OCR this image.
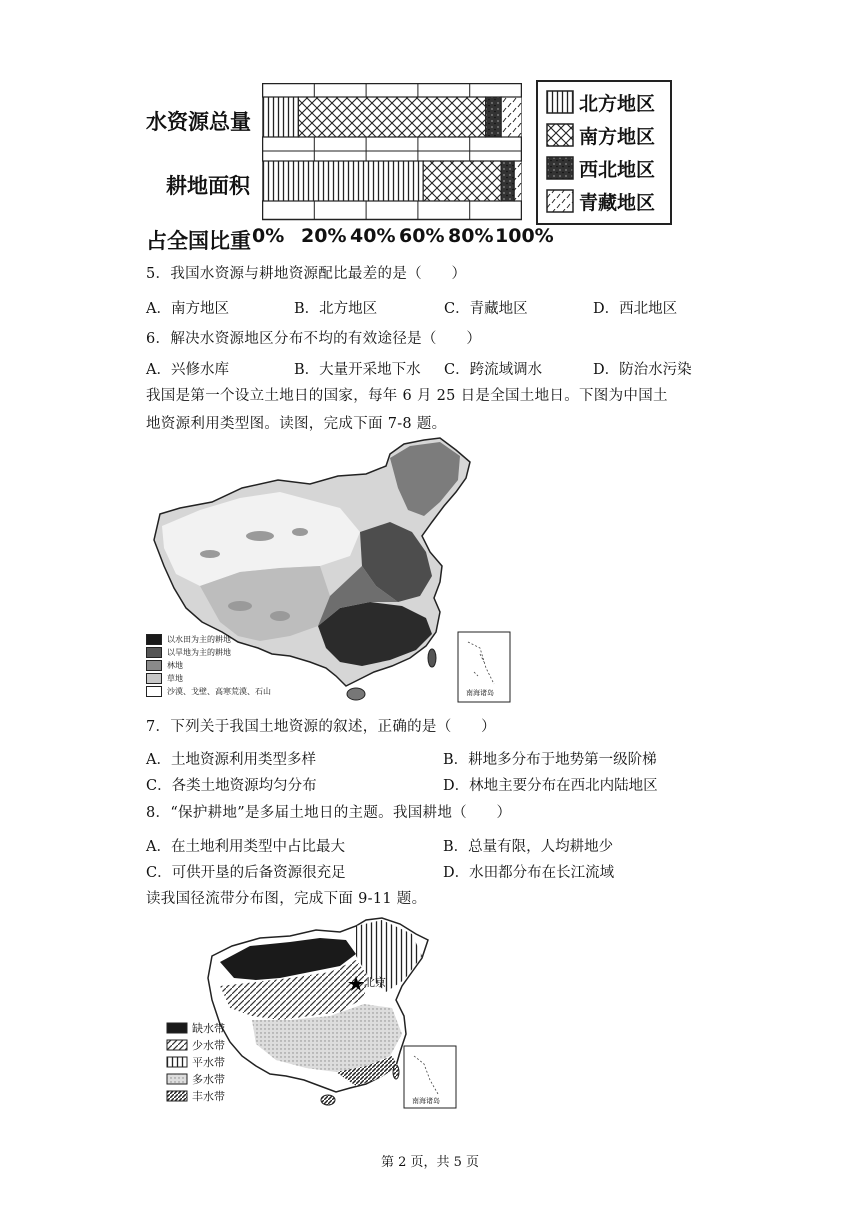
水资源总量
耕地面积
占全国比重 0% 20% 40% 60% 80% 100%
北方地区
南方地区
西北地区
青藏地区
5．我国水资源与耕地资源配比最差的是（　　）
A．南方地区	B．北方地区	C．青藏地区	D．西北地区
6．解决水资源地区分布不均的有效途径是（　　）
A．兴修水库	B．大量开采地下水 C．跨流域调水	D．防治水污染
我国是第一个设立土地日的国家，每年 6 月 25 日是全国土地日。下图为中国土
地资源利用类型图。读图，完成下面 7-8 题。
南海诸岛
以水田为主的耕地
以旱地为主的耕地
林地
草地
沙漠、戈壁、高寒荒漠、石山
7．下列关于我国土地资源的叙述，正确的是（　　）
A．土地资源利用类型多样	B．耕地多分布于地势第一级阶梯
C．各类土地资源均匀分布	D．林地主要分布在西北内陆地区
8．“保护耕地”是多届土地日的主题。我国耕地（　　）
A．在土地利用类型中占比最大	B．总量有限，人均耕地少
C．可供开垦的后备资源很充足	D．水田都分布在长江流域
读我国径流带分布图，完成下面 9-11 题。
北京
南海诸岛
缺水带
少水带
平水带
多水带
丰水带
第 2 页，共 5 页
